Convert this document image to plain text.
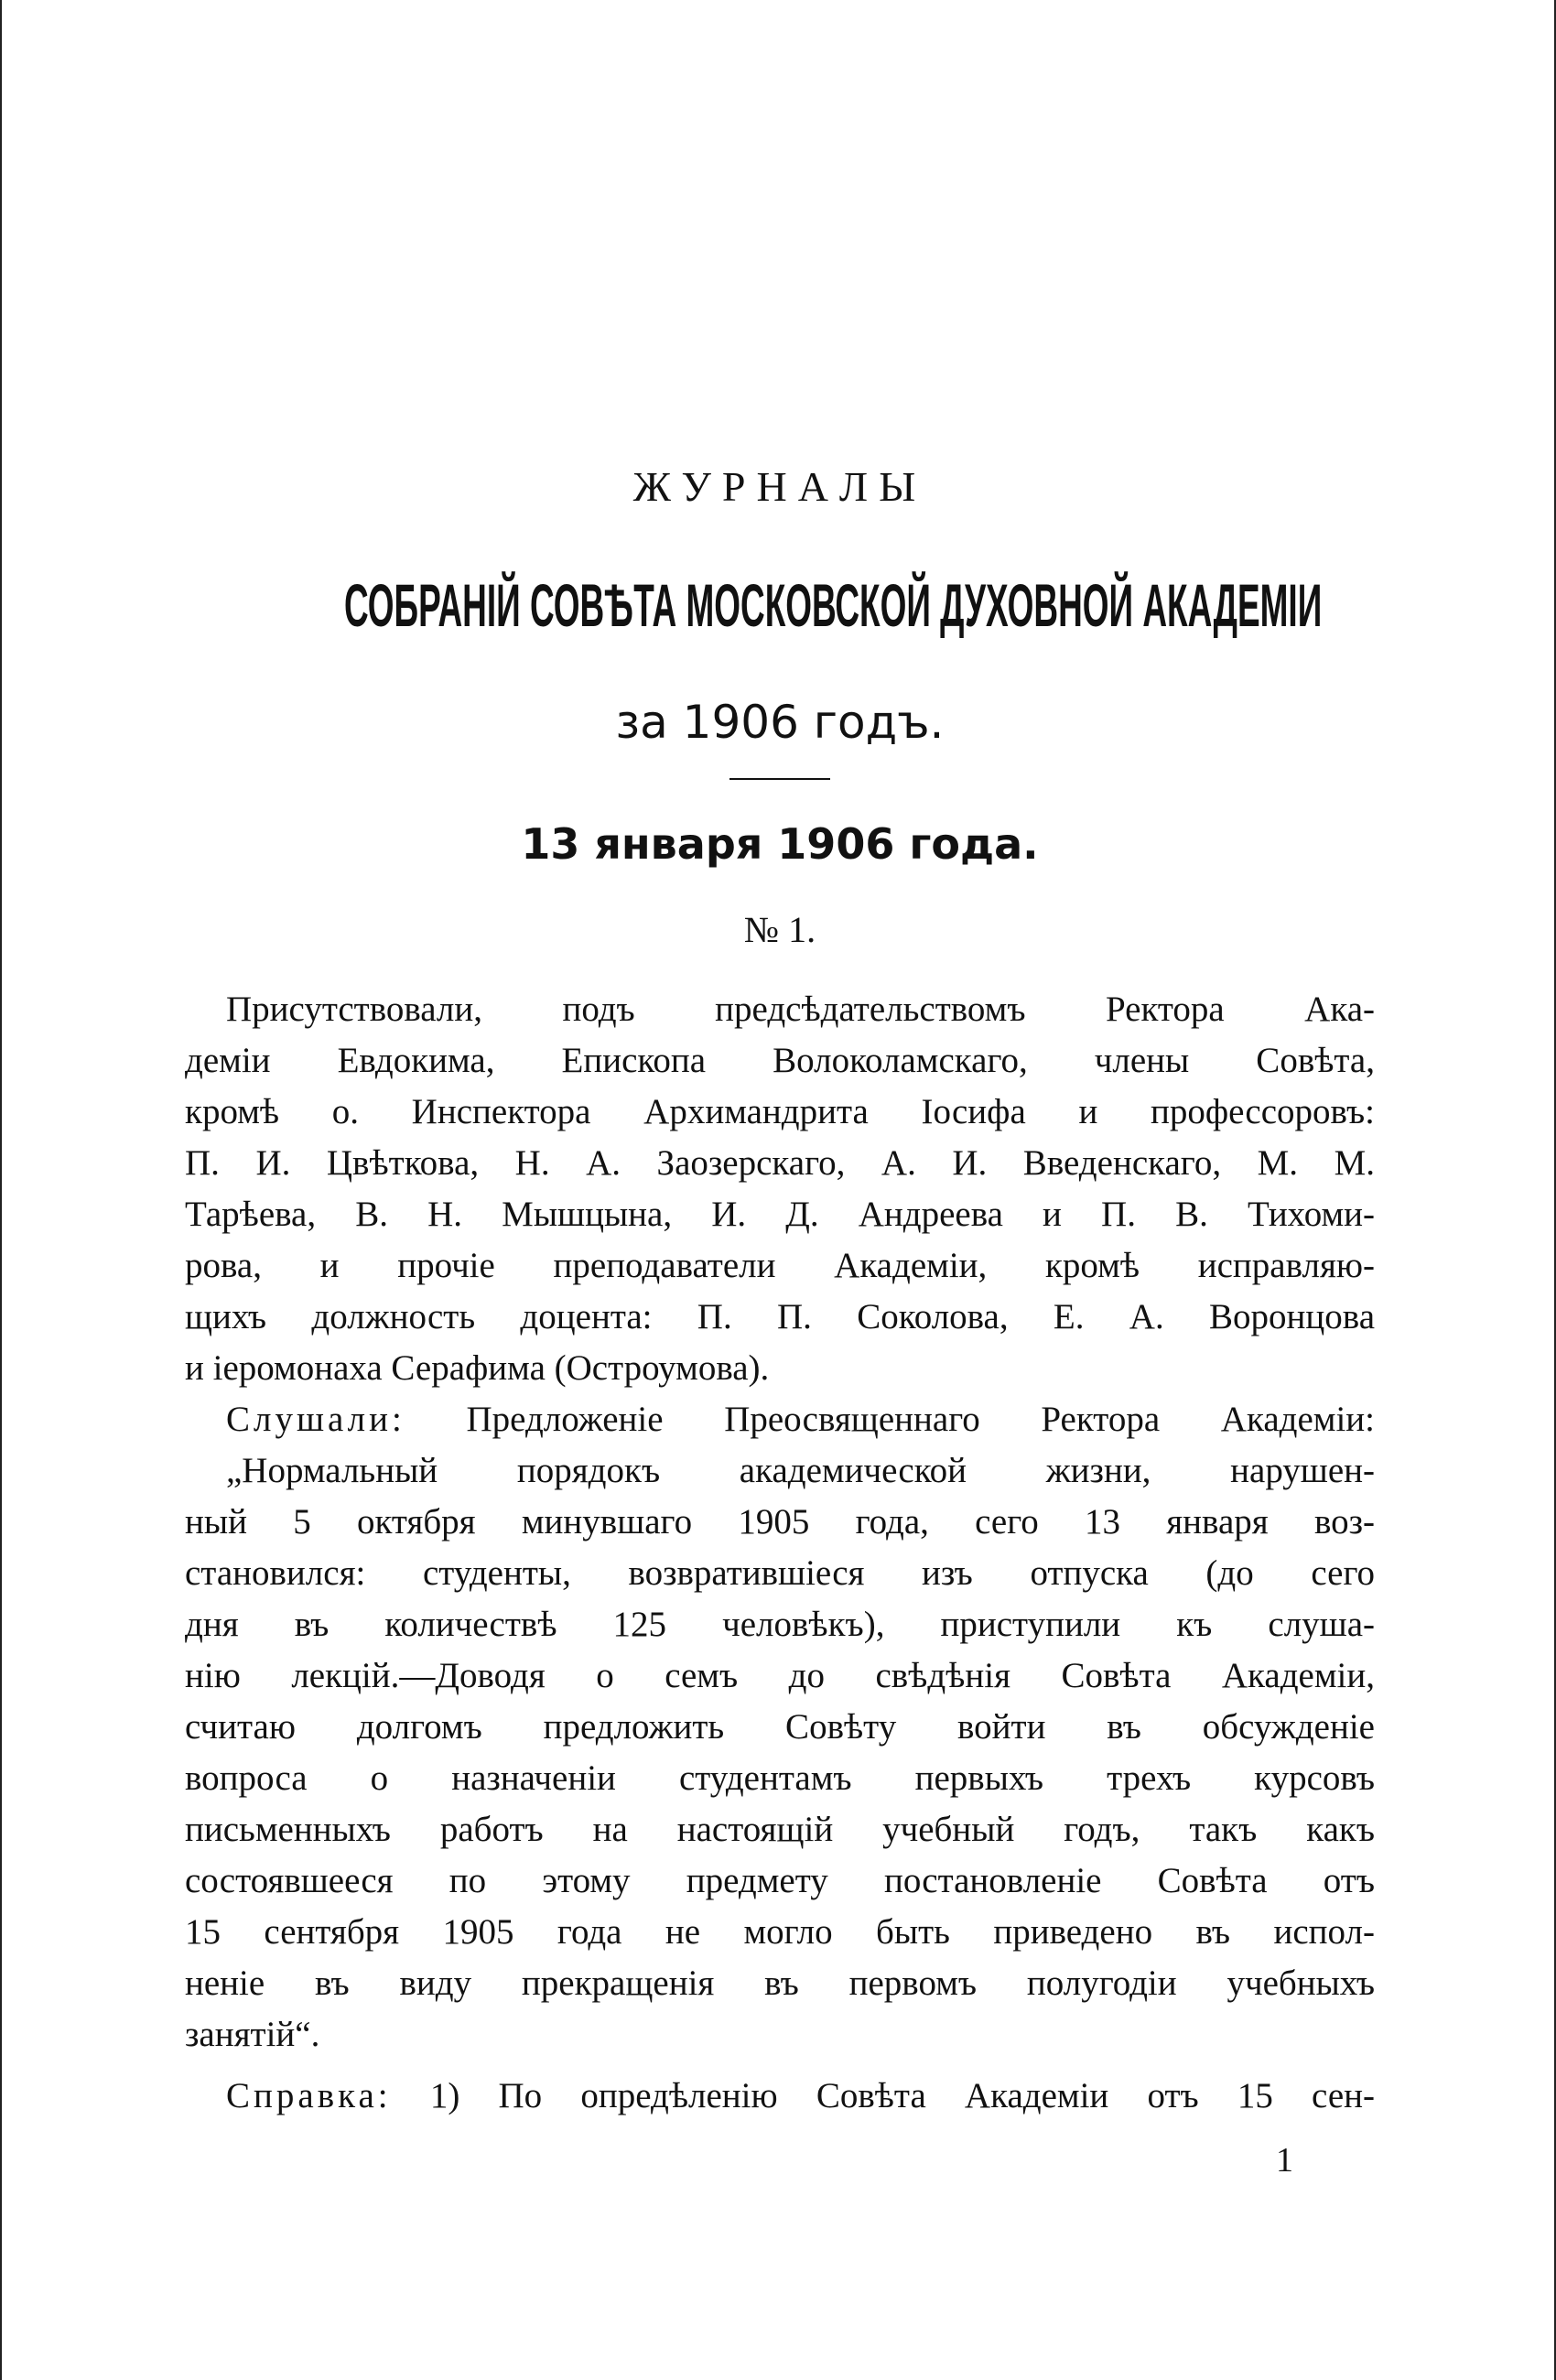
ЖУРНАЛЫ
СОБРАНІЙ СОВѢТА МОСКОВСКОЙ ДУХОВНОЙ АКАДЕМІИ
за 1906 годъ.
13 января 1906 года.
№ 1.
Присутствовали, подъ предсѣдательствомъ Ректора Ака-
деміи Евдокима, Епископа Волоколамскаго, члены Совѣта,
кромѣ о. Инспектора Архимандрита Іосифа и профессоровъ:
П. И. Цвѣткова, Н. А. Заозерскаго, А. И. Введенскаго, М. М.
Тарѣева, В. Н. Мышцына, И. Д. Андреева и П. В. Тихоми-
рова, и прочіе преподаватели Академіи, кромѣ исправляю-
щихъ должность доцента: П. П. Соколова, Е. А. Воронцова
и іеромонаха Серафима (Остроумова).
Слушали: Предложеніе Преосвященнаго Ректора Академіи:
„Нормальный порядокъ академической жизни, нарушен-
ный 5 октября минувшаго 1905 года, сего 13 января воз-
становился: студенты, возвратившіеся изъ отпуска (до сего
дня въ количествѣ 125 человѣкъ), приступили къ слуша-
нію лекцій.—Доводя о семъ до свѣдѣнія Совѣта Академіи,
считаю долгомъ предложить Совѣту войти въ обсужденіе
вопроса о назначеніи студентамъ первыхъ трехъ курсовъ
письменныхъ работъ на настоящій учебный годъ, такъ какъ
состоявшееся по этому предмету постановленіе Совѣта отъ
15 сентября 1905 года не могло быть приведено въ испол-
неніе въ виду прекращенія въ первомъ полугодіи учебныхъ
занятій“.
Справка: 1) По опредѣленію Совѣта Академіи отъ 15 сен-
1
